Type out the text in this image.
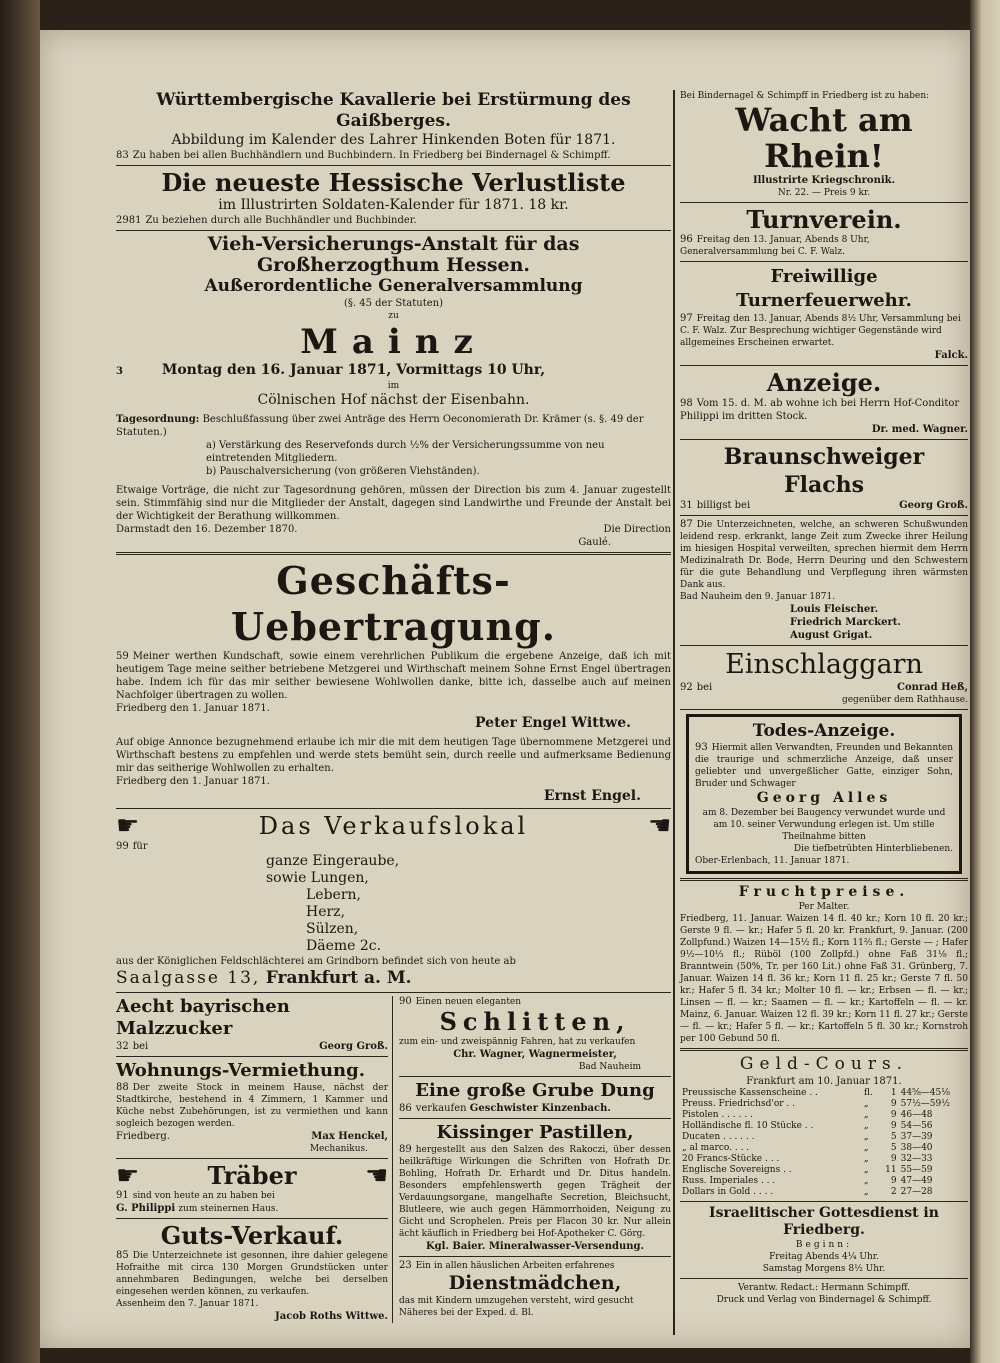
Württembergische Kavallerie bei Erstürmung des
Gaißberges.
Abbildung im Kalender des Lahrer Hinkenden Boten für 1871.
83 Zu haben bei allen Buchhändlern und Buchbindern. In Friedberg bei Bindernagel & Schimpff.
Die neueste Hessische Verlustliste
im Illustrirten Soldaten-Kalender für 1871. 18 kr.
2981 Zu beziehen durch alle Buchhändler und Buchbinder.
Vieh-Versicherungs-Anstalt für das Großherzogthum Hessen.
Außerordentliche Generalversammlung
(§. 45 der Statuten)
zu
Mainz
3	Montag den 16. Januar 1871, Vormittags 10 Uhr,
im
Cölnischen Hof nächst der Eisenbahn.
Tagesordnung: Beschlußfassung über zwei Anträge des Herrn Oeconomierath Dr. Krämer (s. §. 49 der Statuten.)
a) Verstärkung des Reservefonds durch ½% der Versicherungssumme von neu eintretenden Mitgliedern.
b) Pauschalversicherung (von größeren Viehständen).
Etwaige Vorträge, die nicht zur Tagesordnung gehören, müssen der Direction bis zum 4. Januar zugestellt sein. Stimmfähig sind nur die Mitglieder der Anstalt, dagegen sind Landwirthe und Freunde der Anstalt bei der Wichtigkeit der Berathung willkommen.
Darmstadt den 16. Dezember 1870.	Die Direction
Gaulé.
Geschäfts-Uebertragung.
59 Meiner werthen Kundschaft, sowie einem verehrlichen Publikum die ergebene Anzeige, daß ich mit heutigem Tage meine seither betriebene Metzgerei und Wirthschaft meinem Sohne Ernst Engel übertragen habe. Indem ich für das mir seither bewiesene Wohlwollen danke, bitte ich, dasselbe auch auf meinen Nachfolger übertragen zu wollen.
Friedberg den 1. Januar 1871.
Peter Engel Wittwe.
Auf obige Annonce bezugnehmend erlaube ich mir die mit dem heutigen Tage übernommene Metzgerei und Wirthschaft bestens zu empfehlen und werde stets bemüht sein, durch reelle und aufmerksame Bedienung mir das seitherige Wohlwollen zu erhalten.
Friedberg den 1. Januar 1871.
Ernst Engel.
☛	Das Verkaufslokal	☛
99 für
ganze Eingeraube,
sowie Lungen,
Lebern,
Herz,
Sülzen,
Däeme 2c.
aus der Königlichen Feldschlächterei am Grindborn befindet sich von heute ab
Saalgasse 13, Frankfurt a. M.
Aecht bayrischen Malzzucker
32 bei	Georg Groß.
Wohnungs-Vermiethung.
88 Der zweite Stock in meinem Hause, nächst der Stadtkirche, bestehend in 4 Zimmern, 1 Kammer und Küche nebst Zubehörungen, ist zu vermiethen und kann sogleich bezogen werden.
Friedberg.	Max Henckel,
Mechanikus.
☛	Träber	☛
91 sind von heute an zu haben bei
G. Philippi zum steinernen Haus.
Guts-Verkauf.
85 Die Unterzeichnete ist gesonnen, ihre dahier gelegene Hofraithe mit circa 130 Morgen Grundstücken unter annehmbaren Bedingungen, welche bei derselben eingesehen werden können, zu verkaufen.
Assenheim den 7. Januar 1871.
Jacob Roths Wittwe.
90 Einen neuen eleganten
Schlitten,
zum ein- und zweispännig Fahren, hat zu verkaufen
Chr. Wagner, Wagnermeister,
Bad Nauheim
Eine große Grube Dung
86 verkaufen Geschwister Kinzenbach.
Kissinger Pastillen,
89 hergestellt aus den Salzen des Rakoczi, über dessen heilkräftige Wirkungen die Schriften von Hofrath Dr. Bohling, Hofrath Dr. Erhardt und Dr. Ditus handeln. Besonders empfehlenswerth gegen Trägheit der Verdauungsorgane, mangelhafte Secretion, Bleichsucht, Blutleere, wie auch gegen Hämmorrhoiden, Neigung zu Gicht und Scrophelen. Preis per Flacon 30 kr. Nur allein ächt käuflich in Friedberg bei Hof-Apotheker C. Görg.
Kgl. Baier. Mineralwasser-Versendung.
23 Ein in allen häuslichen Arbeiten erfahrenes
Dienstmädchen,
das mit Kindern umzugehen versteht, wird gesucht Näheres bei der Exped. d. Bl.
Bei Bindernagel & Schimpff in Friedberg ist zu haben:
Wacht am Rhein!
Illustrirte Kriegschronik.
Nr. 22. — Preis 9 kr.
Turnverein.
96 Freitag den 13. Januar, Abends 8 Uhr, Generalversammlung bei C. F. Walz.
Freiwillige Turnerfeuerwehr.
97 Freitag den 13. Januar, Abends 8½ Uhr, Versammlung bei C. F. Walz. Zur Besprechung wichtiger Gegenstände wird allgemeines Erscheinen erwartet.
Falck.
Anzeige.
98 Vom 15. d. M. ab wohne ich bei Herrn Hof-Conditor Philippi im dritten Stock.
Dr. med. Wagner.
Braunschweiger Flachs
31 billigst bei	Georg Groß.
87 Die Unterzeichneten, welche, an schweren Schußwunden leidend resp. erkrankt, lange Zeit zum Zwecke ihrer Heilung im hiesigen Hospital verweilten, sprechen hiermit dem Herrn Medizinalrath Dr. Bode, Herrn Deuring und den Schwestern für die gute Behandlung und Verpflegung ihren wärmsten Dank aus.
Bad Nauheim den 9. Januar 1871.
Louis Fleischer.
Friedrich Marckert.
August Grigat.
Einschlaggarn
92 bei	Conrad Heß,
gegenüber dem Rathhause.
Todes-Anzeige.
93 Hiermit allen Verwandten, Freunden und Bekannten die traurige und schmerzliche Anzeige, daß unser geliebter und unvergeßlicher Gatte, einziger Sohn, Bruder und Schwager
Georg Alles
am 8. Dezember bei Baugency verwundet wurde und am 10. seiner Verwundung erlegen ist. Um stille Theilnahme bitten
Die tiefbetrübten Hinterbliebenen.
Ober-Erlenbach, 11. Januar 1871.
Fruchtpreise.
Per Malter.
Friedberg, 11. Januar. Waizen 14 fl. 40 kr.; Korn 10 fl. 20 kr.; Gerste 9 fl. — kr.; Hafer 5 fl. 20 kr. Frankfurt, 9. Januar. (200 Zollpfund.) Waizen 14—15½ fl.; Korn 11⅔ fl.; Gerste — ; Hafer 9½—10⅓ fl.; Rüböl (100 Zollpfd.) ohne Faß 31⅛ fl.; Branntwein (50%, Tr. per 160 Lit.) ohne Faß 31. Grünberg, 7. Januar. Waizen 14 fl. 36 kr.; Korn 11 fl. 25 kr.; Gerste 7 fl. 50 kr.; Hafer 5 fl. 34 kr.; Molter 10 fl. — kr.; Erbsen — fl. — kr.; Linsen — fl. — kr.; Saamen — fl. — kr.; Kartoffeln — fl. — kr. Mainz, 6. Januar. Waizen 12 fl. 39 kr.; Korn 11 fl. 27 kr.; Gerste — fl. — kr.; Hafer 5 fl. — kr.; Kartoffeln 5 fl. 30 kr.; Kornstroh per 100 Gebund 50 fl.
Geld-Cours.
Frankfurt am 10. Januar 1871.
Preussische Kassenscheine . .	fl.	1	44⅝—45⅛
Preuss. Friedrichsd'or . .	„	9	57½—59½
Pistolen . . . . . .	„	9	46—48
Holländische fl. 10 Stücke . .	„	9	54—56
Ducaten . . . . . .	„	5	37—39
„ al marco. . . .	„	5	38—40
20 Francs-Stücke . . .	„	9	32—33
Englische Sovereigns . .	„	11	55—59
Russ. Imperiales . . .	„	9	47—49
Dollars in Gold . . . .	„	2	27—28
Israelitischer Gottesdienst in Friedberg.
Beginn:
Freitag Abends 4¼ Uhr.
Samstag Morgens 8½ Uhr.
Verantw. Redact.: Hermann Schimpff.
Druck und Verlag von Bindernagel & Schimpff.
